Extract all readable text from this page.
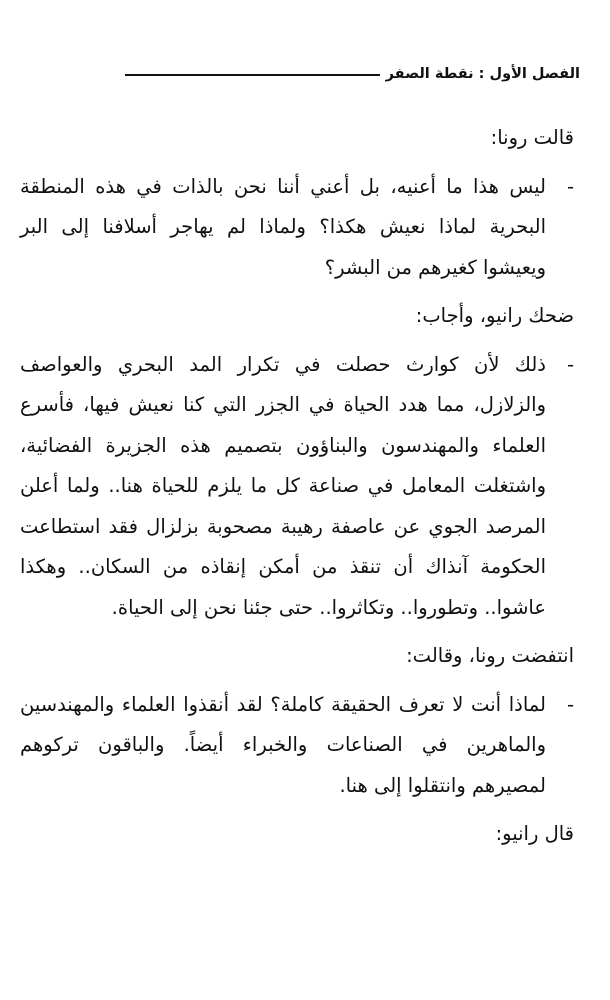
الفصل الأول : نقطة الصفر

قالت رونا:

-

ليس هذا ما أعنيه، بل أعني أننا نحن بالذات في هذه المنطقة البحرية لماذا نعيش هكذا؟ ولماذا لم يهاجر أسلافنا إلى البر ويعيشوا كغيرهم من البشر؟

ضحك رانيو، وأجاب:

-

ذلك لأن كوارث حصلت في تكرار المد البحري والعواصف والزلازل، مما هدد الحياة في الجزر التي كنا نعيش فيها، فأسرع العلماء والمهندسون والبناؤون بتصميم هذه الجزيرة الفضائية، واشتغلت المعامل في صناعة كل ما يلزم للحياة هنا.. ولما أعلن المرصد الجوي عن عاصفة رهيبة مصحوبة بزلزال فقد استطاعت الحكومة آنذاك أن تنقذ من أمكن إنقاذه من السكان.. وهكذا عاشوا.. وتطوروا.. وتكاثروا.. حتى جئنا نحن إلى الحياة.

انتفضت رونا، وقالت:

-

لماذا أنت لا تعرف الحقيقة كاملة؟ لقد أنقذوا العلماء والمهندسين والماهرين في الصناعات والخبراء أيضاً. والباقون تركوهم لمصيرهم وانتقلوا إلى هنا.

قال رانيو:
